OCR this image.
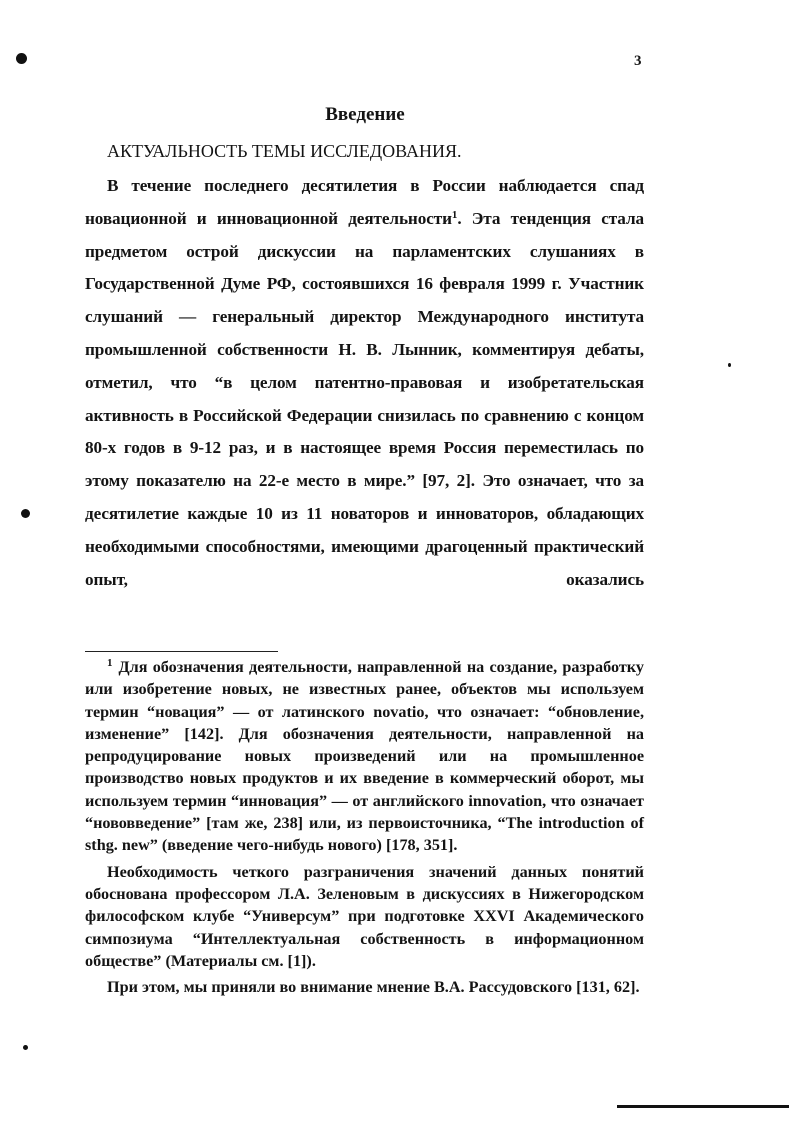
3
Введение
АКТУАЛЬНОСТЬ ТЕМЫ ИССЛЕДОВАНИЯ.

В течение последнего десятилетия в России наблюдается спад новационной и инновационной деятельности$^1$. Эта тенденция стала предметом острой дискуссии на парламентских слушаниях в Государственной Думе РФ, состоявшихся 16 февраля 1999 г. Участник слушаний — генеральный директор Международного института промышленной собственности Н. В. Лынник, комментируя дебаты, отметил, что “в целом патентно-правовая и изобретательская активность в Российской Федерации снизилась по сравнению с концом 80-х годов в 9-12 раз, и в настоящее время Россия переместилась по этому показателю на 22-е место в мире.” [97, 2]. Это означает, что за десятилетие каждые 10 из 11 новаторов и инноваторов, обладающих необходимыми способностями, имеющими драгоценный практический опыт, оказались

$^1$ Для обозначения деятельности, направленной на создание, разработку или изобретение новых, не известных ранее, объектов мы используем термин “новация” — от латинского novatio, что означает: “обновление, изменение” [142]. Для обозначения деятельности, направленной на репродуцирование новых произведений или на промышленное производство новых продуктов и их введение в коммерческий оборот, мы используем термин “инновация” — от английского innovation, что означает “нововведение” [там же, 238] или, из первоисточника, “The introduction of sthg. new” (введение чего-нибудь нового) [178, 351].

Необходимость четкого разграничения значений данных понятий обоснована профессором Л.А. Зеленовым в дискуссиях в Нижегородском философском клубе “Универсум” при подготовке XXVI Академического симпозиума “Интеллектуальная собственность в информационном обществе” (Материалы см. [1]).

При этом, мы приняли во внимание мнение В.А. Рассудовского [131, 62].
